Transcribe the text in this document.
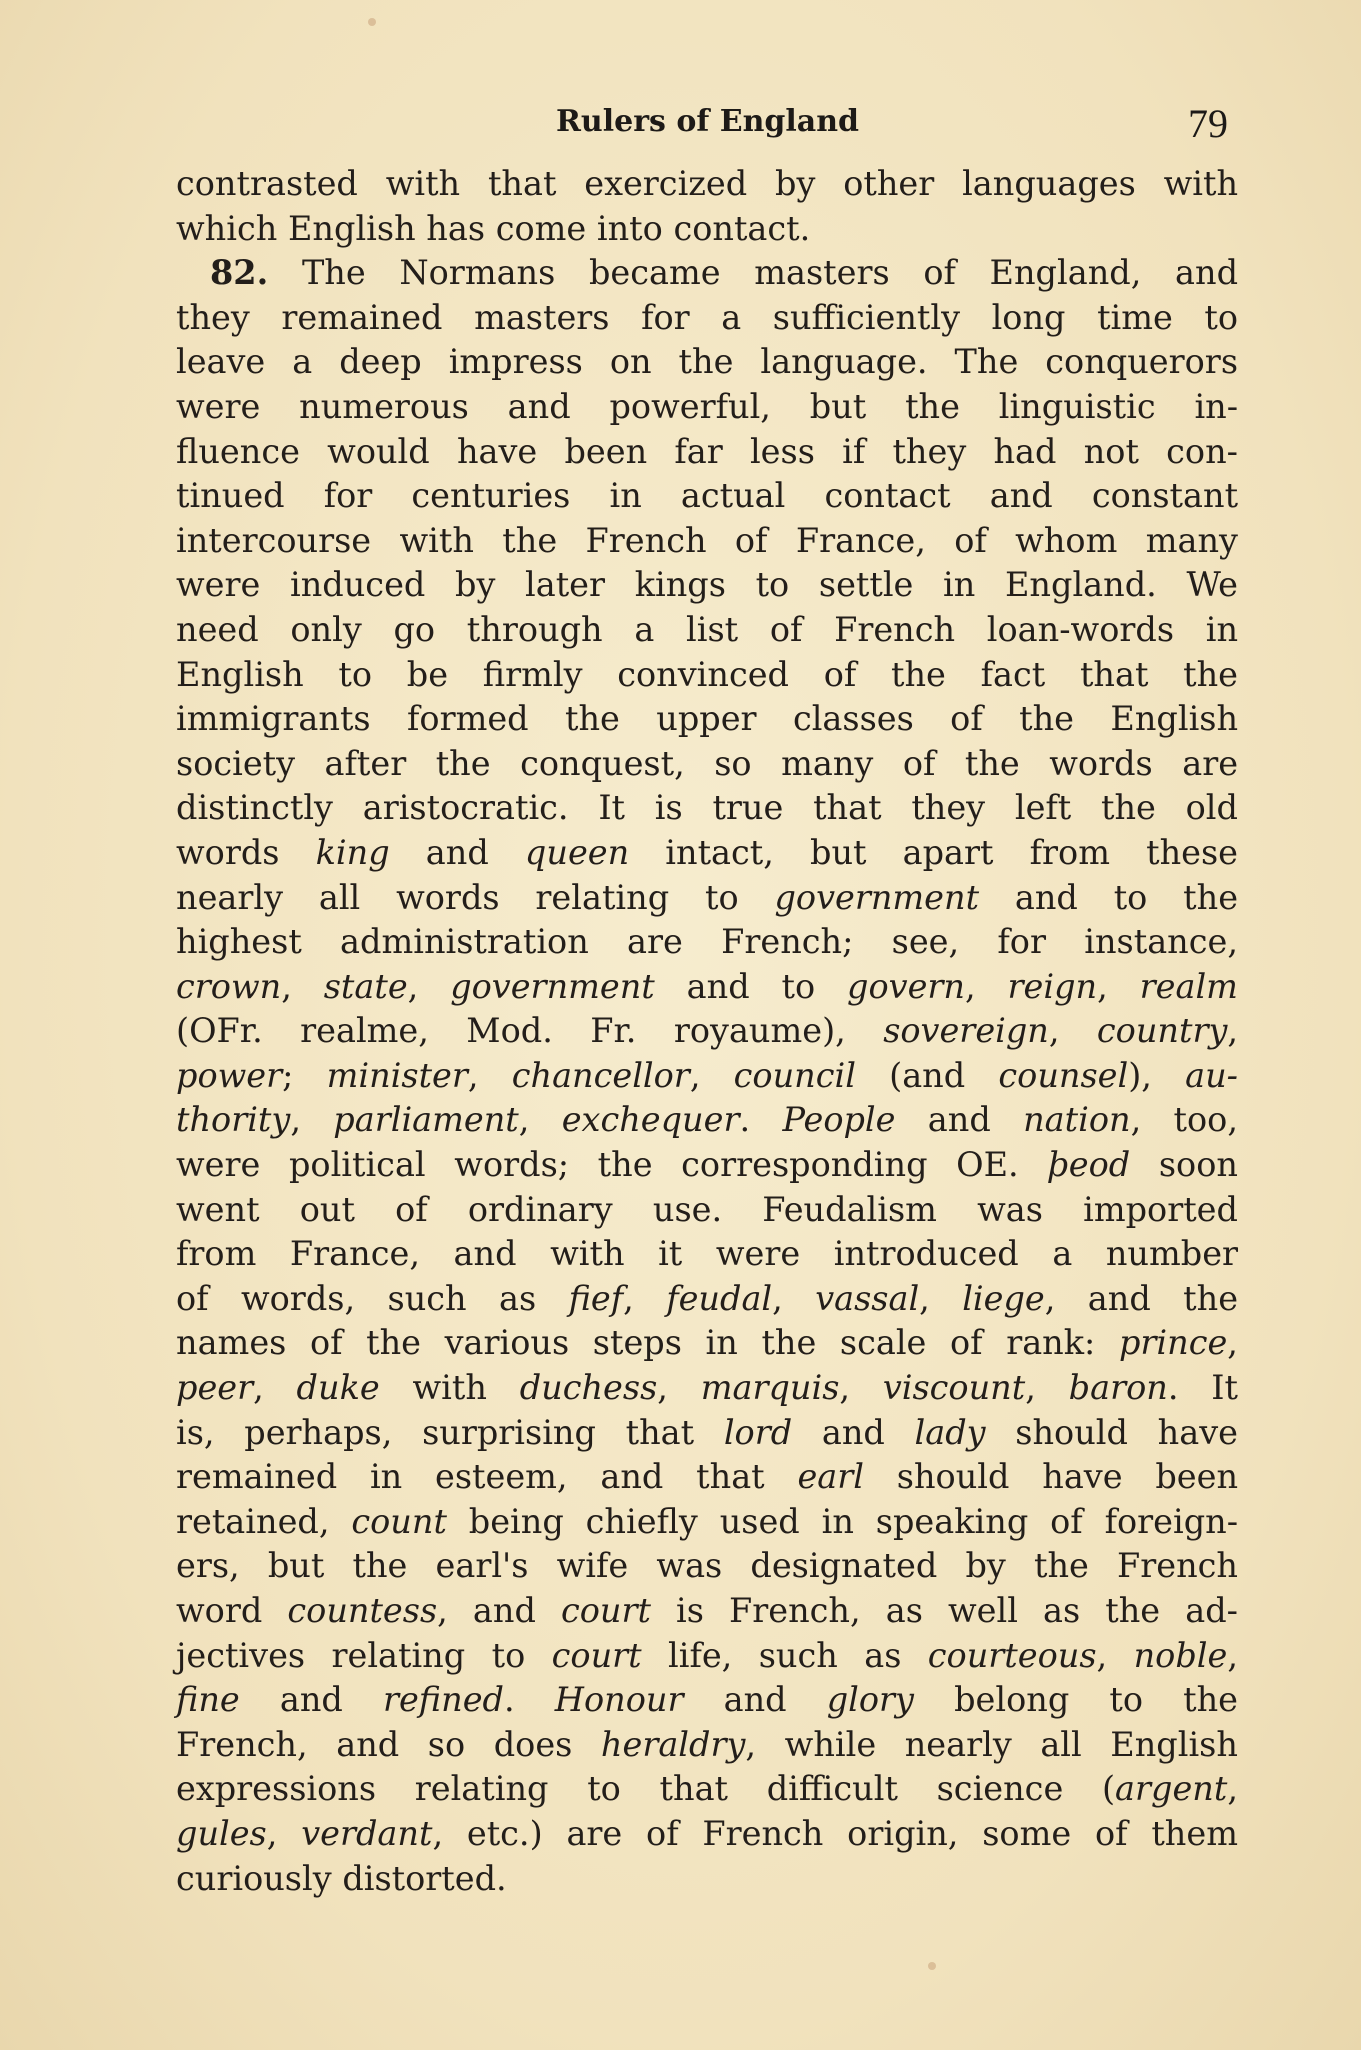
Rulers of England	79
contrasted with that exercized by other languages with
which English has come into contact.
82. The Normans became masters of England, and
they remained masters for a sufficiently long time to
leave a deep impress on the language. The conquerors
were numerous and powerful, but the linguistic in-
fluence would have been far less if they had not con-
tinued for centuries in actual contact and constant
intercourse with the French of France, of whom many
were induced by later kings to settle in England. We
need only go through a list of French loan-words in
English to be firmly convinced of the fact that the
immigrants formed the upper classes of the English
society after the conquest, so many of the words are
distinctly aristocratic. It is true that they left the old
words king and queen intact, but apart from these
nearly all words relating to government and to the
highest administration are French; see, for instance,
crown, state, government and to govern, reign, realm
(OFr. realme, Mod. Fr. royaume), sovereign, country,
power; minister, chancellor, council (and counsel), au-
thority, parliament, exchequer. People and nation, too,
were political words; the corresponding OE. þeod soon
went out of ordinary use. Feudalism was imported
from France, and with it were introduced a number
of words, such as fief, feudal, vassal, liege, and the
names of the various steps in the scale of rank: prince,
peer, duke with duchess, marquis, viscount, baron. It
is, perhaps, surprising that lord and lady should have
remained in esteem, and that earl should have been
retained, count being chiefly used in speaking of foreign-
ers, but the earl's wife was designated by the French
word countess, and court is French, as well as the ad-
jectives relating to court life, such as courteous, noble,
fine and refined. Honour and glory belong to the
French, and so does heraldry, while nearly all English
expressions relating to that difficult science (argent,
gules, verdant, etc.) are of French origin, some of them
curiously distorted.
